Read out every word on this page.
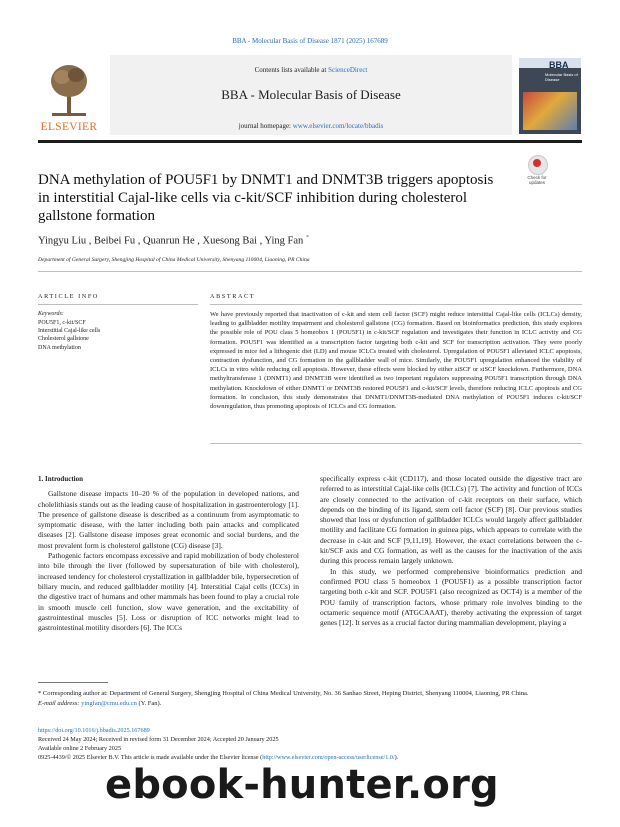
BBA - Molecular Basis of Disease 1871 (2025) 167689
Contents lists available at ScienceDirect
BBA - Molecular Basis of Disease
journal homepage: www.elsevier.com/locate/bbadis
ELSEVIER
BBA
Molecular Basis of Disease
DNA methylation of POU5F1 by DNMT1 and DNMT3B triggers apoptosis in interstitial Cajal-like cells via c-kit/SCF inhibition during cholesterol gallstone formation
Check for updates
Yingyu Liu , Beibei Fu , Quanrun He , Xuesong Bai , Ying Fan *
Department of General Surgery, Shengjing Hospital of China Medical University, Shenyang 110004, Liaoning, PR China
ARTICLE INFO	ABSTRACT
Keywords:
POU5F1, c-kit/SCF
Interstitial Cajal-like cells
Cholesterol gallstone
DNA methylation
We have previously reported that inactivation of c-kit and stem cell factor (SCF) might reduce interstitial Cajal-like cells (ICLCs) density, leading to gallbladder motility impairment and cholesterol gallstone (CG) formation. Based on bioinformatics prediction, this study explores the possible role of POU class 5 homeobox 1 (POU5F1) in c-kit/SCF regulation and investigates their function in ICLC activity and CG formation. POU5F1 was identified as a transcription factor targeting both c-kit and SCF for transcription activation. They were poorly expressed in mice fed a lithogenic diet (LD) and mouse ICLCs treated with cholesterol. Upregulation of POU5F1 alleviated ICLC apoptosis, contraction dysfunction, and CG formation in the gallbladder wall of mice. Similarly, the POU5F1 upregulation enhanced the viability of ICLCs in vitro while reducing cell apoptosis. However, these effects were blocked by either siSCF or siSCF knockdown. Furthermore, DNA methyltransferase 1 (DNMT1) and DNMT3B were identified as two important regulators suppressing POU5F1 transcription through DNA methylation. Knockdown of either DNMT1 or DNMT3B restored POU5F1 and c-kit/SCF levels, therefore reducing ICLC apoptosis and CG formation. In conclusion, this study demonstrates that DNMT1/DNMT3B-mediated DNA methylation of POU5F1 induces c-kit/SCF downregulation, thus promoting apoptosis of ICLCs and CG formation.

1. Introduction

Gallstone disease impacts 10–20 % of the population in developed nations, and cholelithiasis stands out as the leading cause of hospitalization in gastroenterology [1]. The presence of gallstone disease is described as a continuum from asymptomatic to symptomatic disease, with the latter including both pain attacks and complicated diseases [2]. Gallstone disease imposes great economic and social burdens, and the most prevalent form is cholesterol gallstone (CG) disease [3].

Pathogenic factors encompass excessive and rapid mobilization of body cholesterol into bile through the liver (followed by supersaturation of bile with cholesterol), increased tendency for cholesterol crystallization in gallbladder bile, hypersecretion of biliary mucin, and reduced gallbladder motility [4]. Interstitial Cajal cells (ICCs) in the digestive tract of humans and other mammals has been found to play a crucial role in smooth muscle cell function, slow wave generation, and the excitability of gastrointestinal muscles [5]. Loss or disruption of ICC networks might lead to gastrointestinal motility disorders [6]. The ICCs

specifically express c-kit (CD117), and those located outside the digestive tract are referred to as interstitial Cajal-like cells (ICLCs) [7]. The activity and function of ICCs are closely connected to the activation of c-kit receptors on their surface, which depends on the binding of its ligand, stem cell factor (SCF) [8]. Our previous studies showed that loss or dysfunction of gallbladder ICLCs would largely affect gallbladder motility and facilitate CG formation in guinea pigs, which appears to correlate with the decrease in c-kit and SCF [9,11,19]. However, the exact correlations between the c-kit/SCF axis and CG formation, as well as the causes for the inactivation of the axis during this process remain largely unknown.

In this study, we performed comprehensive bioinformatics prediction and confirmed POU class 5 homeobox 1 (POU5F1) as a possible transcription factor targeting both c-kit and SCF. POU5F1 (also recognized as OCT4) is a member of the POU family of transcription factors, whose primary role involves binding to the octameric sequence motif (ATGCAAAT), thereby activating the expression of target genes [12]. It serves as a crucial factor during mammalian development, playing a

* Corresponding author at: Department of General Surgery, Shengjing Hospital of China Medical University, No. 36 Sanhao Street, Heping District, Shenyang 110004, Liaoning, PR China.
E-mail address: yingfan@cmu.edu.cn (Y. Fan).
https://doi.org/10.1016/j.bbadis.2025.167689
Received 24 May 2024; Received in revised form 31 December 2024; Accepted 20 January 2025
Available online 2 February 2025
0925-4439/© 2025 Elsevier B.V. This article is made available under the Elsevier license (http://www.elsevier.com/open-access/userlicense/1.0/).
ebook-hunter.org
